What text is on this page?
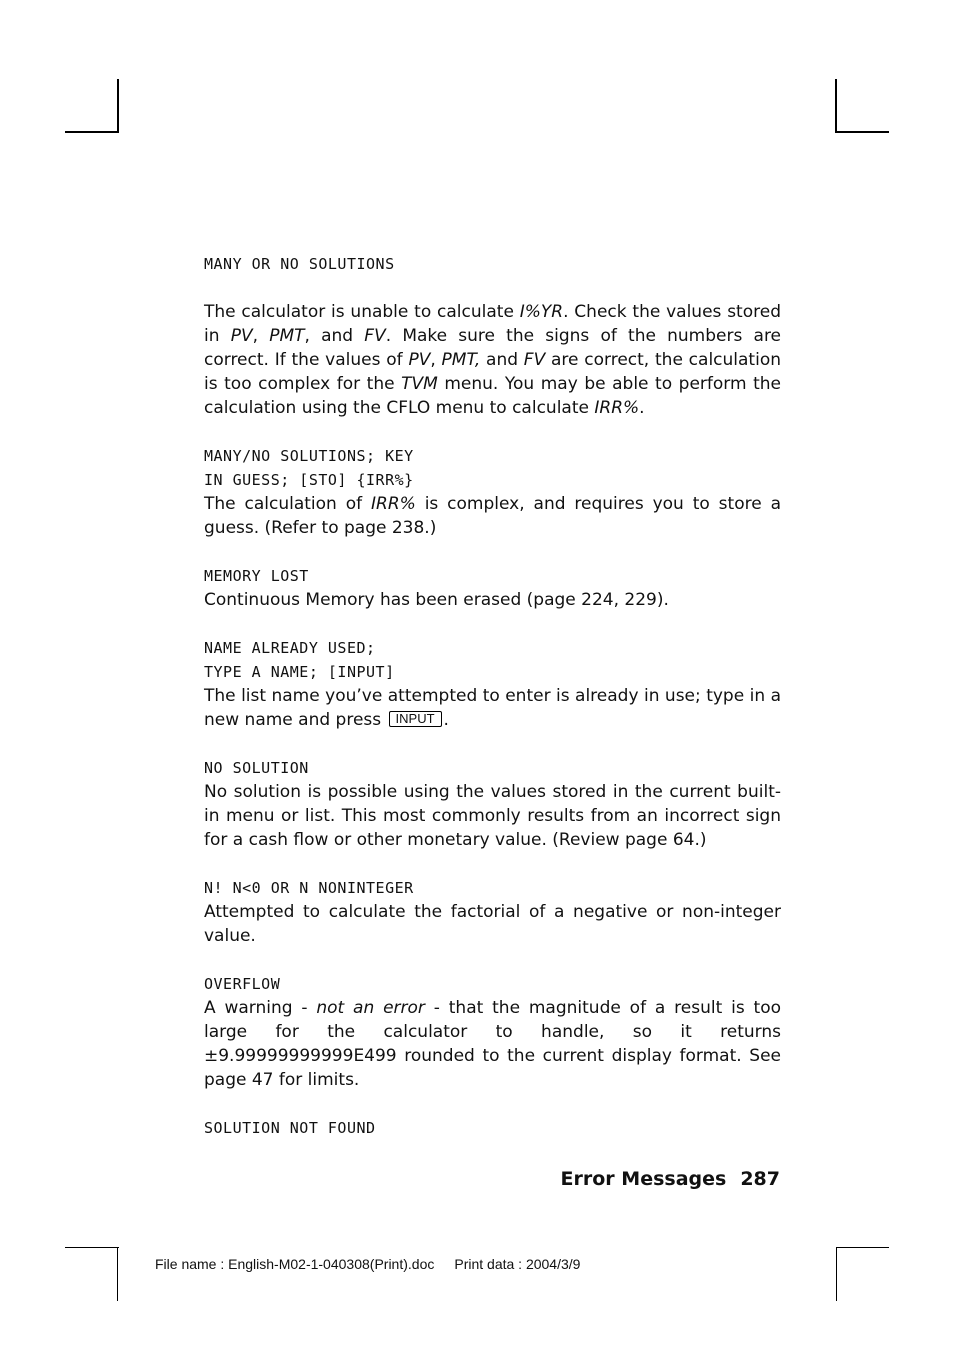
MANY OR NO SOLUTIONS

The calculator is unable to calculate I%YR. Check the values stored in PV, PMT, and FV. Make sure the signs of the numbers are correct. If the values of PV, PMT, and FV are correct, the calculation is too complex for the TVM menu. You may be able to perform the calculation using the CFLO menu to calculate IRR%.

MANY/NO SOLUTIONS; KEY
IN GUESS; [STO] {IRR%}

The calculation of IRR% is complex, and requires you to store a guess. (Refer to page 238.)

MEMORY LOST

Continuous Memory has been erased (page 224, 229).

NAME ALREADY USED;
TYPE A NAME; [INPUT]

The list name you’ve attempted to enter is already in use; type in a new name and press INPUT .

NO SOLUTION

No solution is possible using the values stored in the current built-in menu or list. This most commonly results from an incorrect sign for a cash flow or other monetary value. (Review page 64.)

N! N<0 OR N NONINTEGER

Attempted to calculate the factorial of a negative or non-integer value.

OVERFLOW

A warning - not an error - that the magnitude of a result is too large for the calculator to handle, so it returns ±9.99999999999E499 rounded to the current display format. See page 47 for limits.

SOLUTION NOT FOUND
Error Messages 287
File name : English-M02-1-040308(Print).doc Print data : 2004/3/9
